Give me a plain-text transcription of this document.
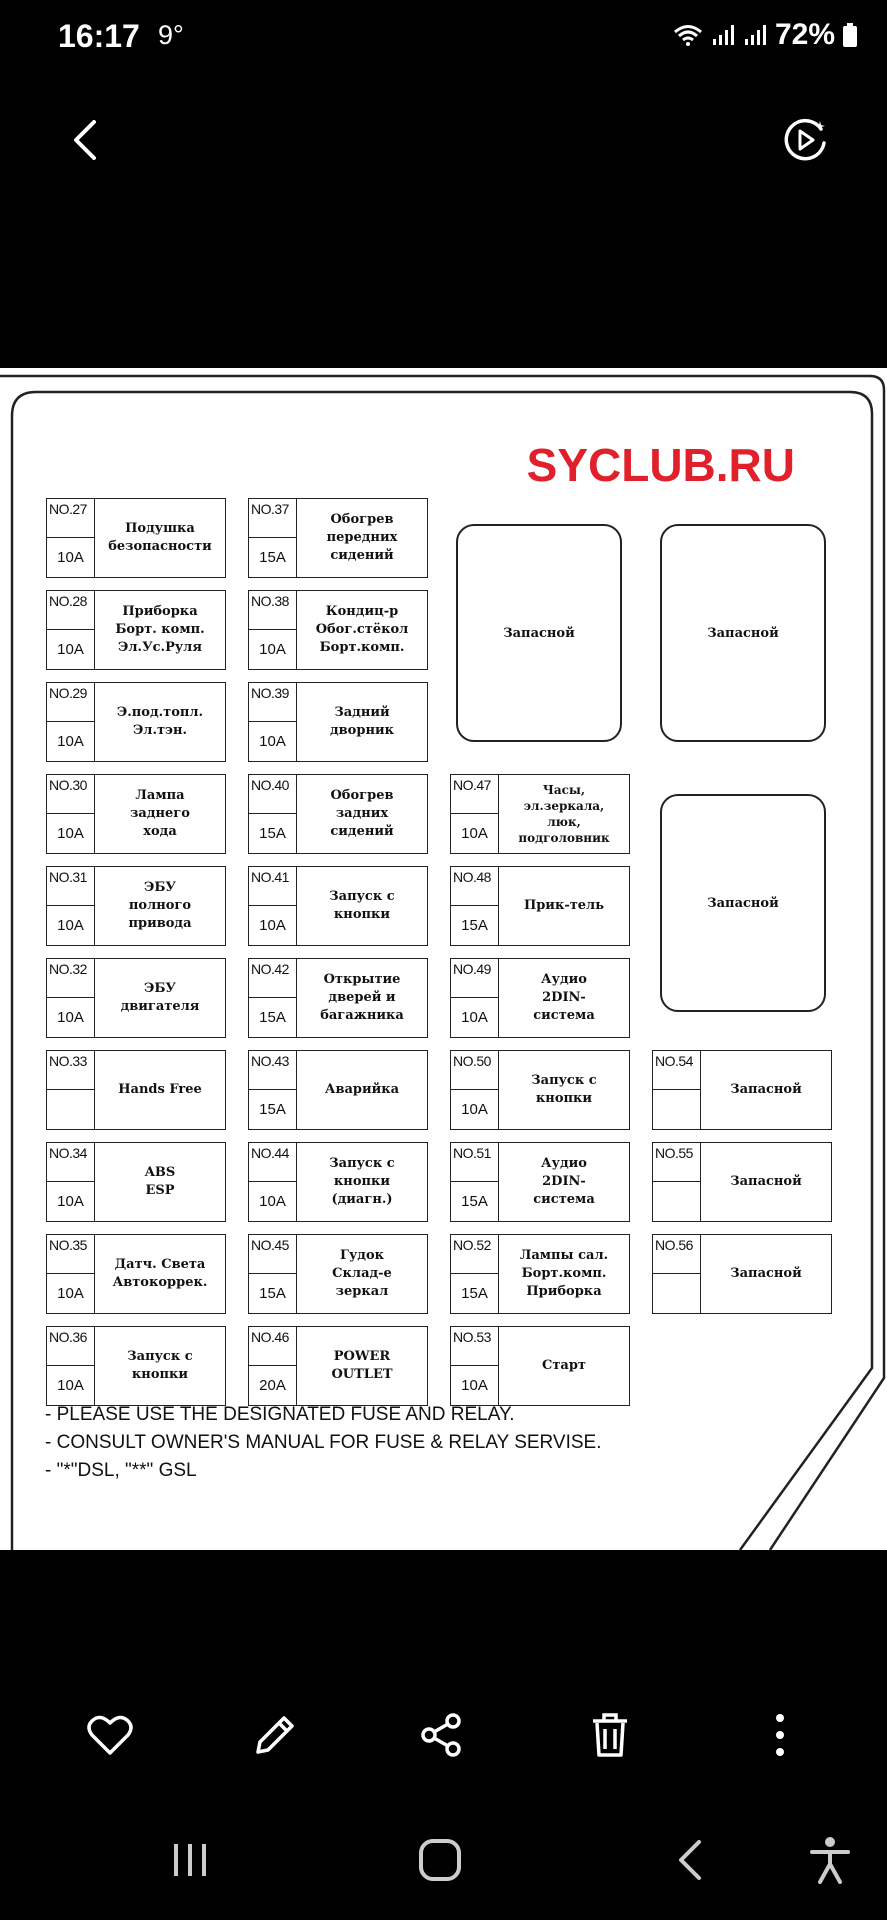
16:17 9°	72%
SYCLUB.RU
NO.27
10A
Подушка
безопасности
NO.28
10A
Приборка
Борт. комп.
Эл.Ус.Руля
NO.29
10A
Э.под.топл.
Эл.тэн.
NO.30
10A
Лампа
заднего
хода
NO.31
10A
ЭБУ
полного
привода
NO.32
10A
ЭБУ
двигателя
NO.33
Hands Free
NO.34
10A
ABS
ESP
NO.35
10A
Датч. Света
Автокоррек.
NO.36
10A
Запуск с
кнопки
NO.37
15A
Обогрев
передних
сидений
NO.38
10A
Кондиц-р
Обог.стёкол
Борт.комп.
NO.39
10A
Задний
дворник
NO.40
15A
Обогрев
задних
сидений
NO.41
10A
Запуск с
кнопки
NO.42
15A
Открытие
дверей и
багажника
NO.43
15A
Аварийка
NO.44
10A
Запуск с
кнопки
(диагн.)
NO.45
15A
Гудок
Склад-е
зеркал
NO.46
20A
POWER
OUTLET
NO.47
10A
Часы,
эл.зеркала,
люк,
подголовник
NO.48
15A
Прик-тель
NO.49
10A
Аудио
2DIN-
система
NO.50
10A
Запуск с
кнопки
NO.51
15A
Аудио
2DIN-
система
NO.52
15A
Лампы сал.
Борт.комп.
Приборка
NO.53
10A
Старт
NO.54
Запасной
NO.55
Запасной
NO.56
Запасной
Запасной	Запасной
Запасной
- PLEASE USE THE DESIGNATED FUSE AND RELAY.
- CONSULT OWNER'S MANUAL FOR FUSE & RELAY SERVISE.
- "*"DSL, "**" GSL
